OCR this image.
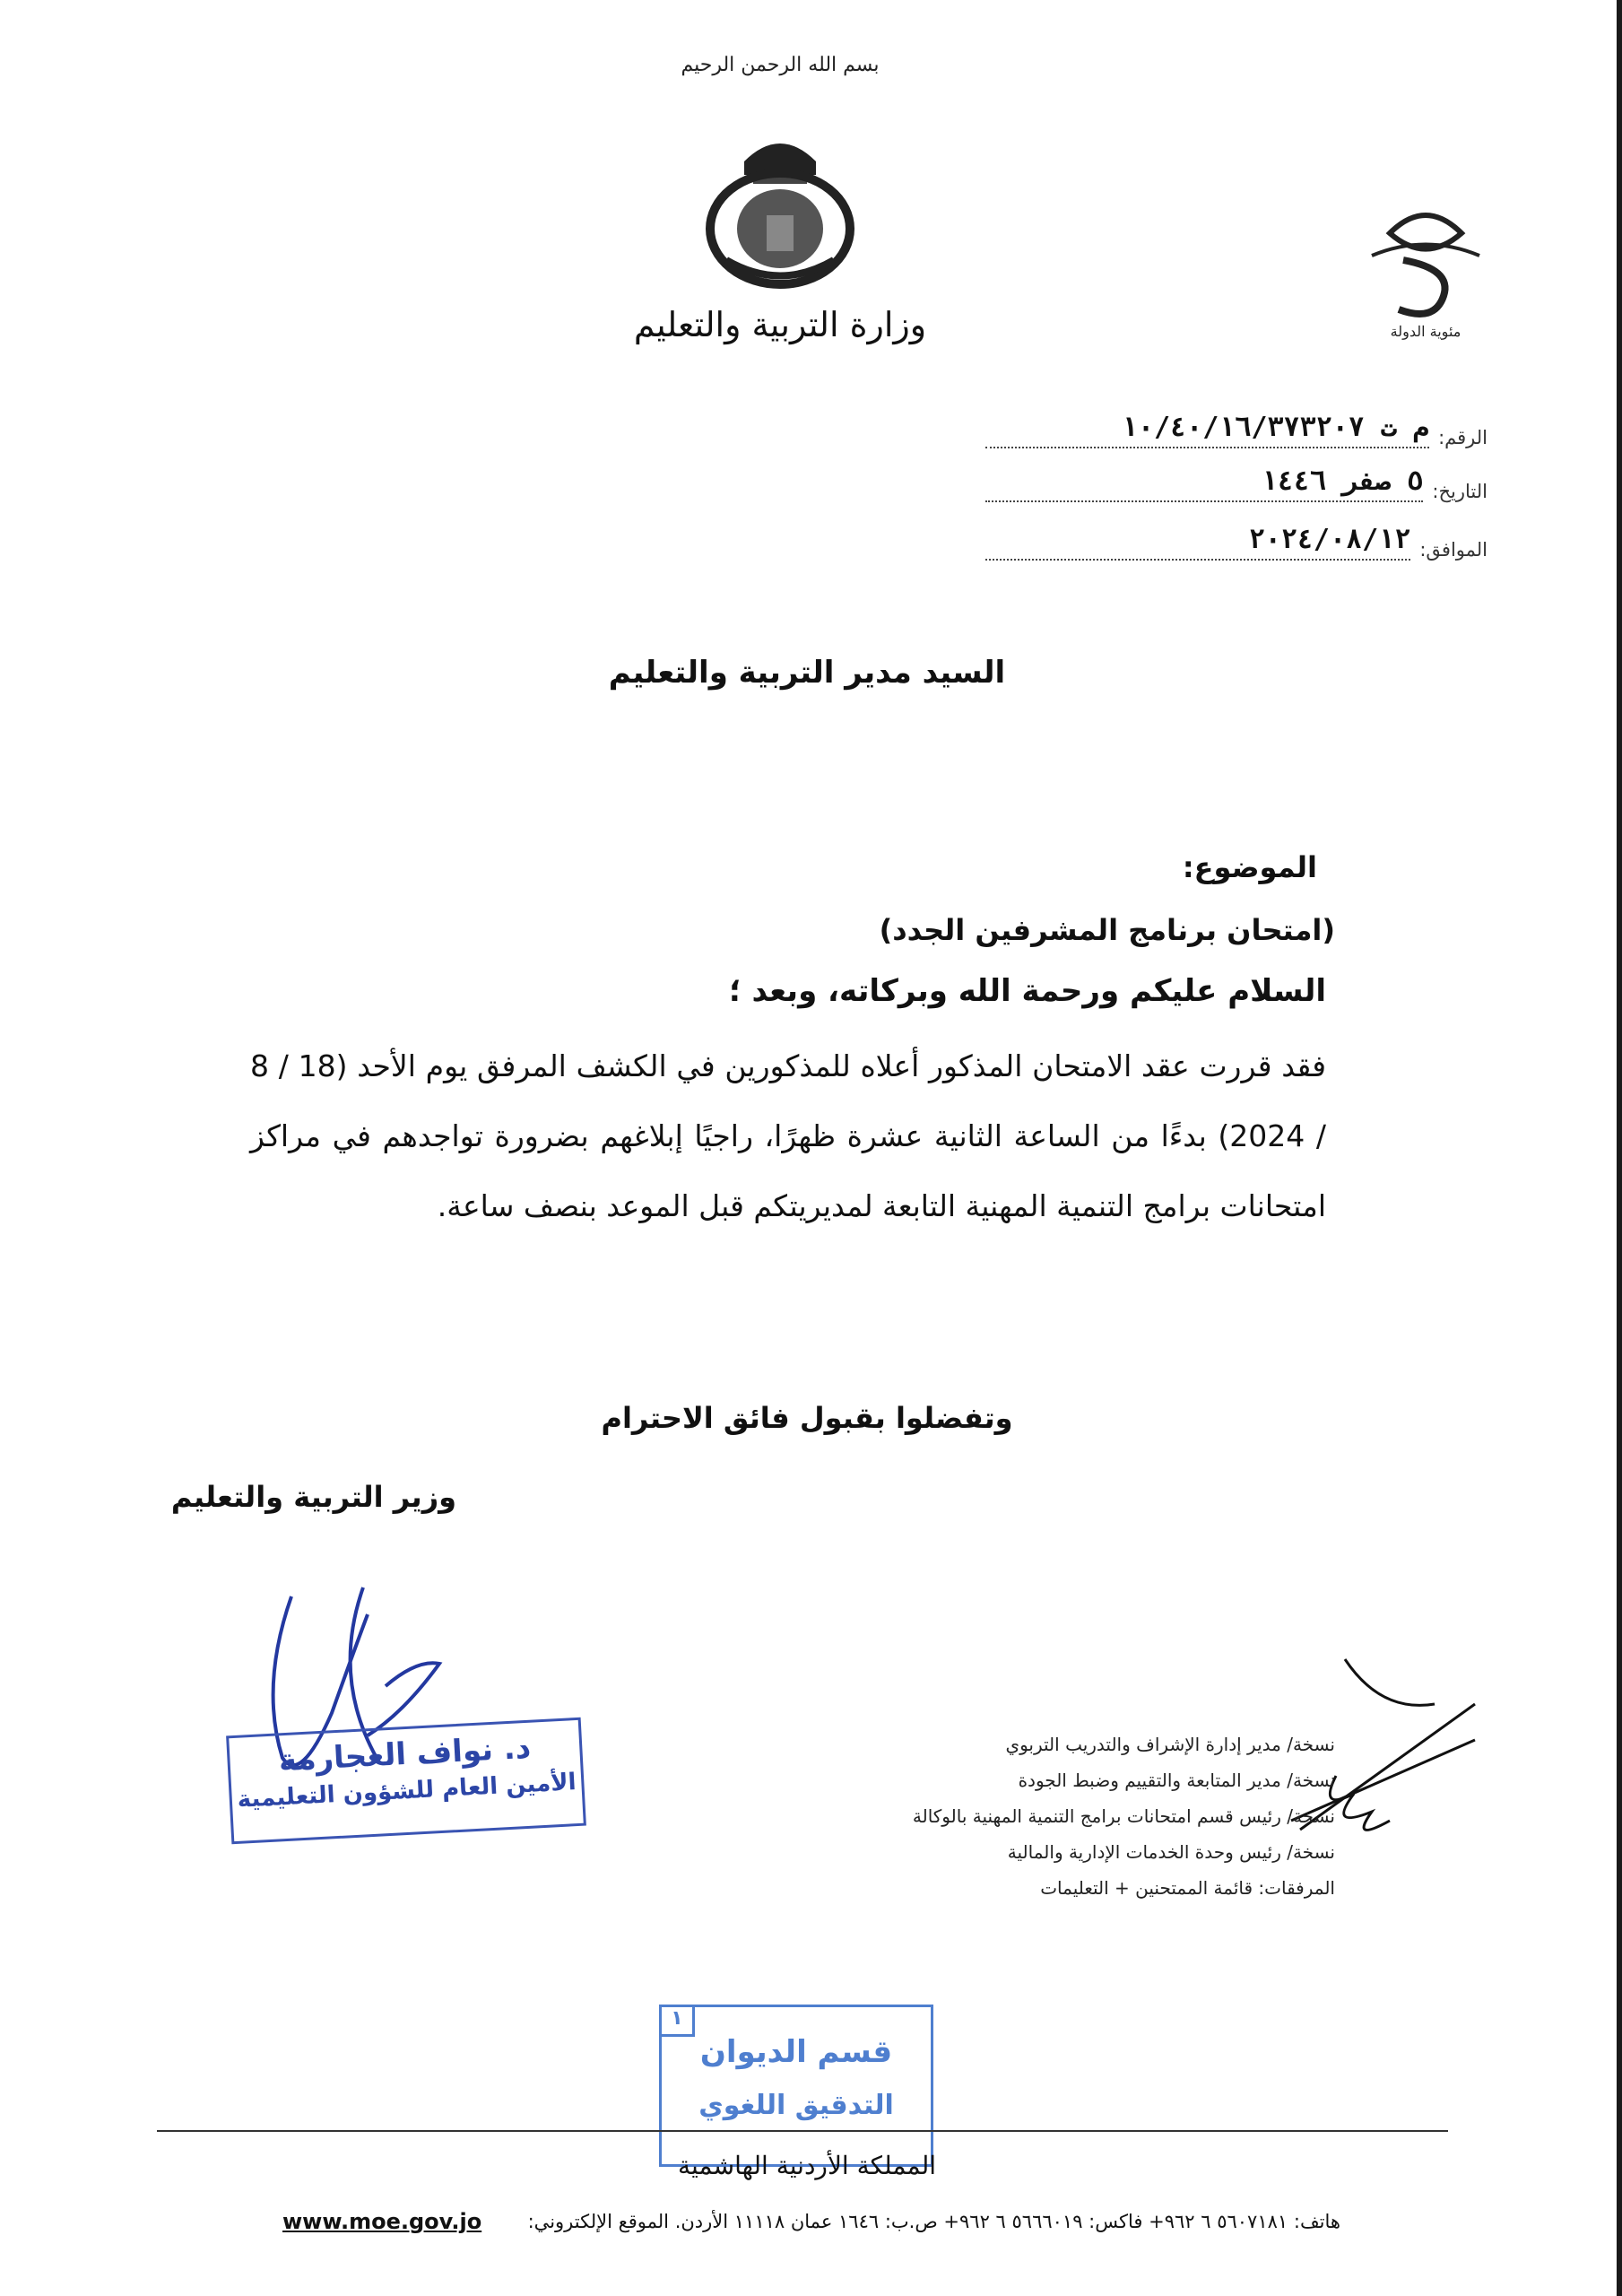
بسم الله الرحمن الرحيم
وزارة التربية والتعليم	مئوية الدولة
الرقم:
م ت ١٠/٤٠/١٦/٣٧٣٢٠٧
التاريخ:
٥ صفر ١٤٤٦
الموافق:
٢٠٢٤/٠٨/١٢
السيد مدير التربية والتعليم
الموضوع:
(امتحان برنامج المشرفين الجدد)
السلام عليكم ورحمة الله وبركاته، وبعد ؛
فقد قررت عقد الامتحان المذكور أعلاه للمذكورين في الكشف المرفق يوم الأحد (18 / 8 / 2024) بدءًا من الساعة الثانية عشرة ظهرًا، راجيًا إبلاغهم بضرورة تواجدهم في مراكز امتحانات برامج التنمية المهنية التابعة لمديريتكم قبل الموعد بنصف ساعة.
وتفضلوا بقبول فائق الاحترام
وزير التربية والتعليم
د. نواف العجارمة
الأمين العام للشؤون التعليمية
نسخة/ مدير إدارة الإشراف والتدريب التربوي
نسخة/ مدير المتابعة والتقييم وضبط الجودة
نسخة/ رئيس قسم امتحانات برامج التنمية المهنية بالوكالة
نسخة/ رئيس وحدة الخدمات الإدارية والمالية
المرفقات: قائمة الممتحنين + التعليمات
١
قسم الديوان
التدقيق اللغوي
المملكة الأردنية الهاشمية
هاتف: ٥٦٠٧١٨١ ٦ ٩٦٢+ فاكس: ٥٦٦٦٠١٩ ٦ ٩٦٢+ ص.ب: ١٦٤٦ عمان ١١١١٨ الأردن. الموقع الإلكتروني:
www.moe.gov.jo
